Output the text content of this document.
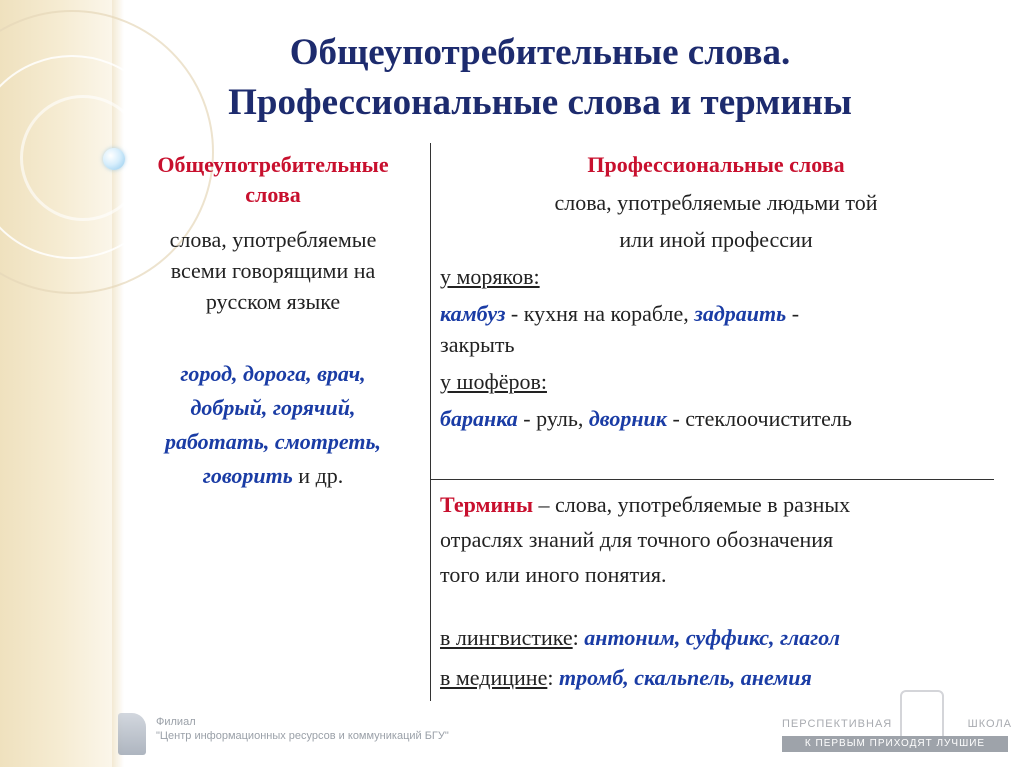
Общеупотребительные слова.
Профессиональные слова и термины
Общеупотребительные
слова
слова, употребляемые
всеми говорящими на
русском языке
город, дорога, врач,
добрый, горячий,
работать, смотреть,
говорить и др.
Профессиональные слова
слова, употребляемые людьми той
или иной профессии
у моряков:
камбуз - кухня на корабле, задраить -
закрыть
у шофёров:
баранка - руль, дворник - стеклоочиститель
Термины – слова, употребляемые в разных
отраслях знаний для точного обозначения
того или иного понятия.
в лингвистике: антоним, суффикс, глагол
в медицине: тромб, скальпель, анемия
Филиал
"Центр информационных ресурсов и коммуникаций БГУ"
ПЕРСПЕКТИВНАЯ	ШКОЛА
К ПЕРВЫМ ПРИХОДЯТ ЛУЧШИЕ
